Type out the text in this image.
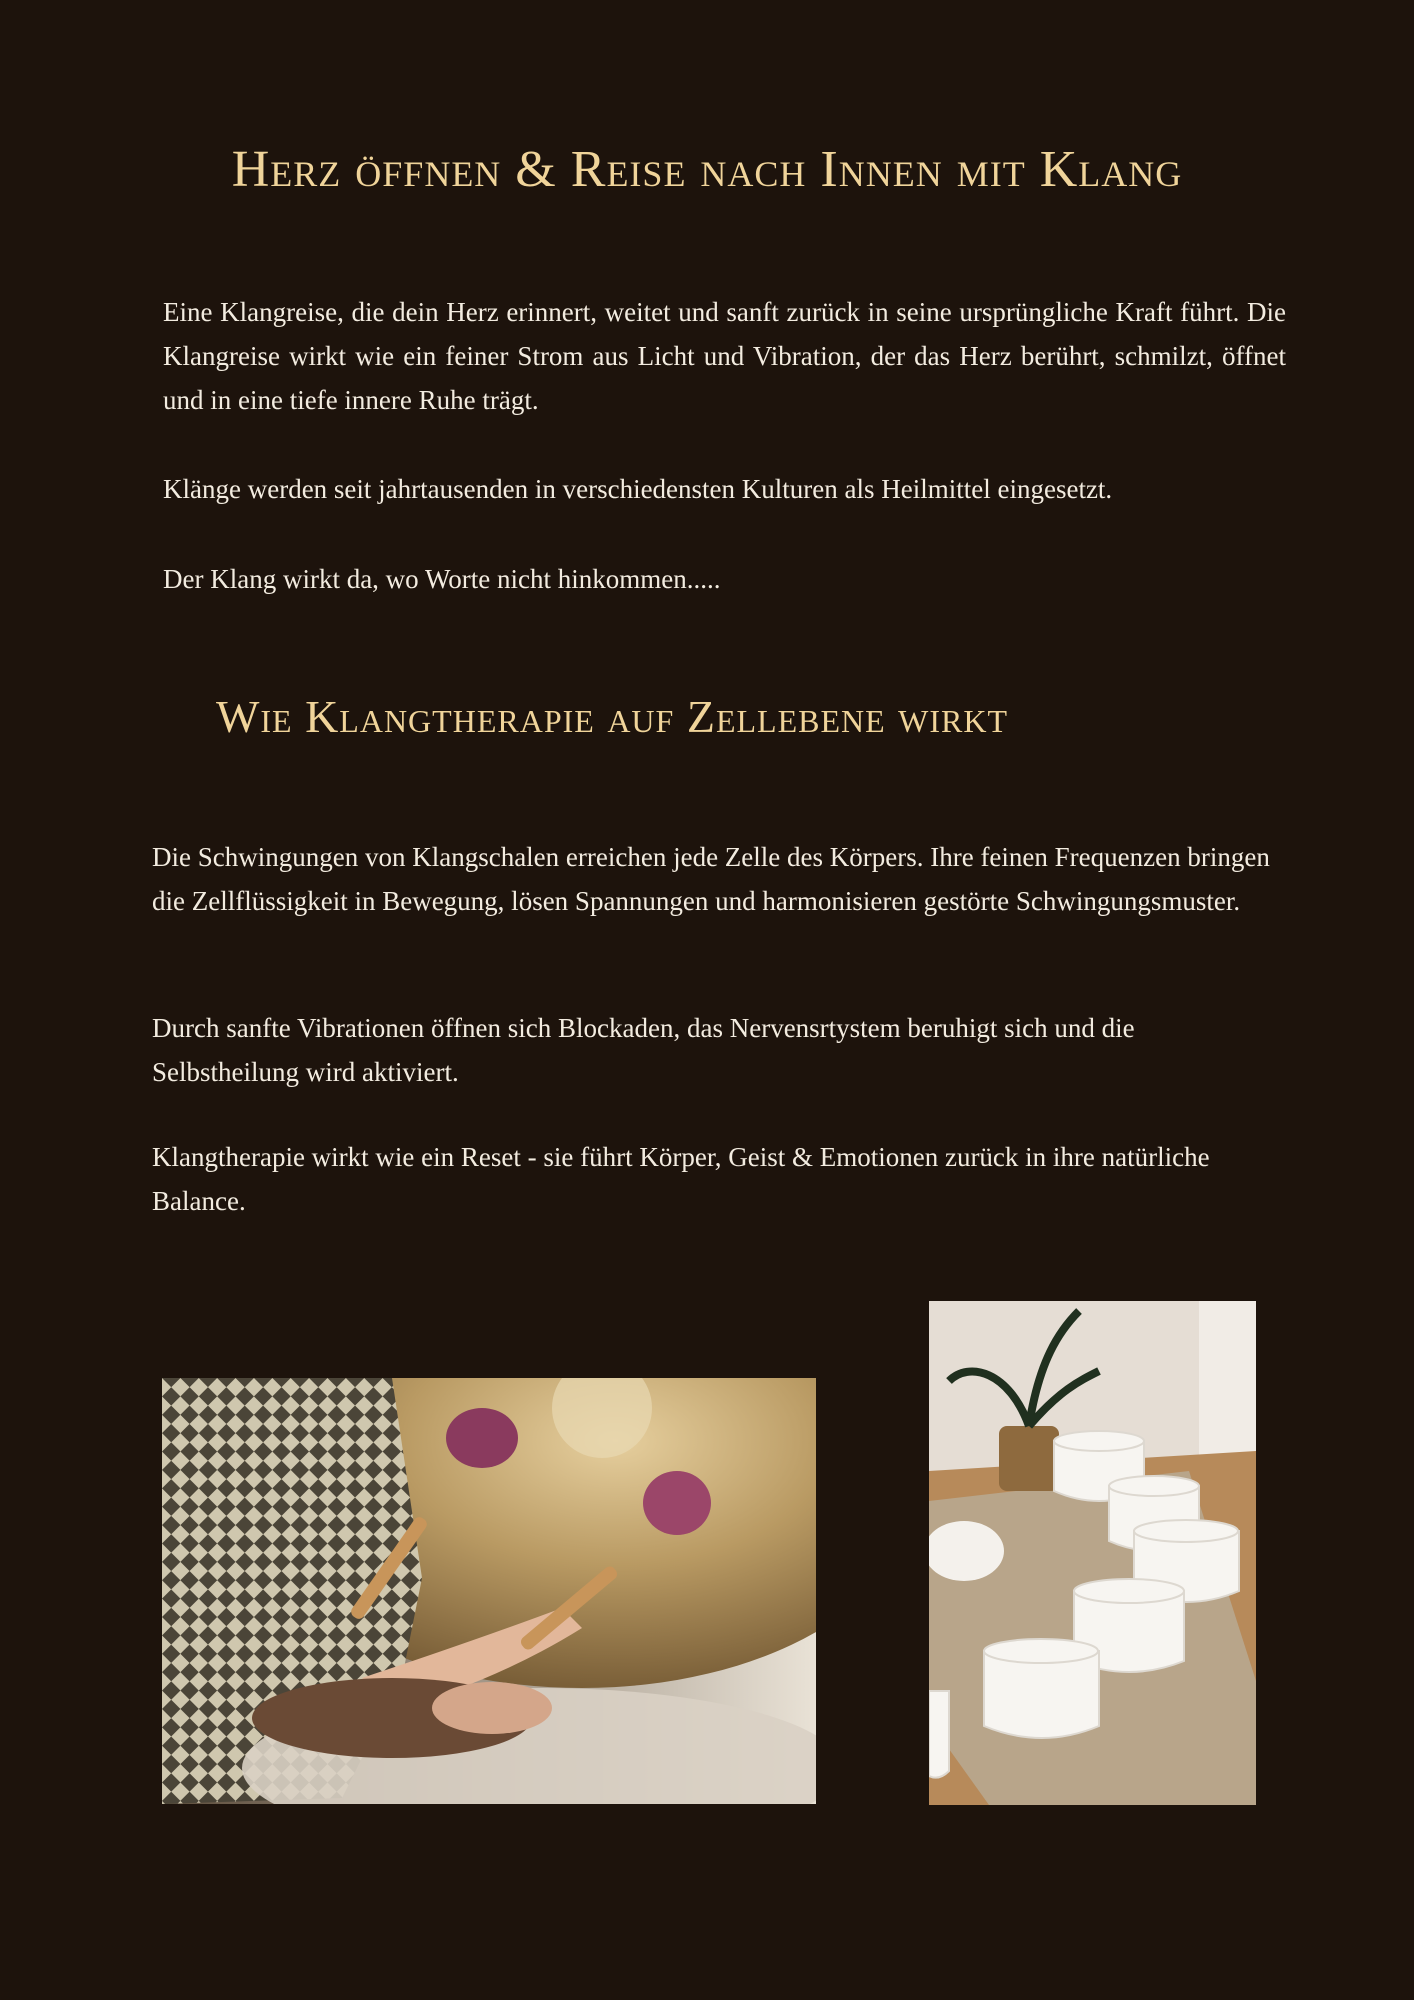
Herz öffnen & Reise nach Innen mit Klang

Eine Klangreise, die dein Herz erinnert, weitet und sanft zurück in seine ursprüngliche Kraft führt. Die Klangreise wirkt wie ein feiner Strom aus Licht und Vibration, der das Herz berührt, schmilzt, öffnet und in eine tiefe innere Ruhe trägt.

Klänge werden seit jahrtausenden in verschiedensten Kulturen als Heilmittel eingesetzt.

Der Klang wirkt da, wo Worte nicht hinkommen.....

Wie Klangtherapie auf Zellebene wirkt

Die Schwingungen von Klangschalen erreichen jede Zelle des Körpers. Ihre feinen Frequenzen bringen die Zellflüssigkeit in Bewegung, lösen Spannungen und harmonisieren gestörte Schwingungsmuster.

Durch sanfte Vibrationen öffnen sich Blockaden, das Nervensrtystem beruhigt sich und die Selbstheilung wird aktiviert.

Klangtherapie wirkt wie ein Reset - sie führt Körper, Geist & Emotionen zurück in ihre natürliche Balance.
